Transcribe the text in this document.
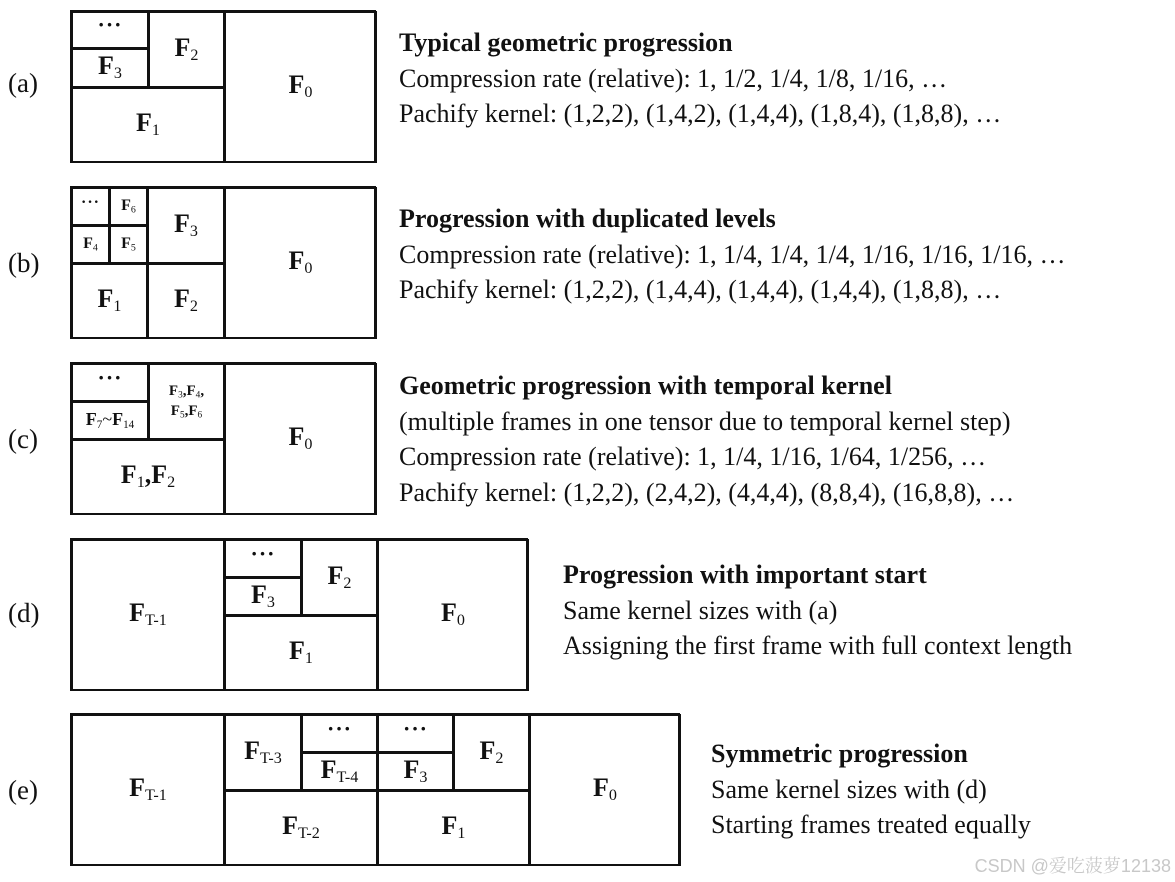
(a)
···
$F_3$
$F_2$
$F_1$
$F_0$
Typical geometric progression
Compression rate (relative): 1, 1/2, 1/4, 1/8, 1/16, …
Pachify kernel: (1,2,2), (1,4,2), (1,4,4), (1,8,4), (1,8,8), …
(b)
··· $F_6$
$F_4$ $F_5$
$F_3$
$F_1$ $F_2$
$F_0$
Progression with duplicated levels
Compression rate (relative): 1, 1/4, 1/4, 1/4, 1/16, 1/16, 1/16, …
Pachify kernel: (1,2,2), (1,4,4), (1,4,4), (1,4,4), (1,8,8), …
(c)
···
$F_7\sim F_{14}$
$F_3,F_4$,
$F_5,F_6$
$F_1,F_2$
$F_0$
Geometric progression with temporal kernel
(multiple frames in one tensor due to temporal kernel step)
Compression rate (relative): 1, 1/4, 1/16, 1/64, 1/256, …
Pachify kernel: (1,2,2), (2,4,2), (4,4,4), (8,8,4), (16,8,8), …
(d)	$F_{T-1}$
···
$F_3$
$F_2$
$F_1$
$F_0$
Progression with important start
Same kernel sizes with (a)
Assigning the first frame with full context length
(e)	$F_{T-1}$
$F_{T-3}$
···
$F_{T-4}$
···
$F_3$
$F_2$
$F_{T-2}$	$F_1$
$F_0$
Symmetric progression
Same kernel sizes with (d)
Starting frames treated equally
CSDN @爱吃菠萝12138
